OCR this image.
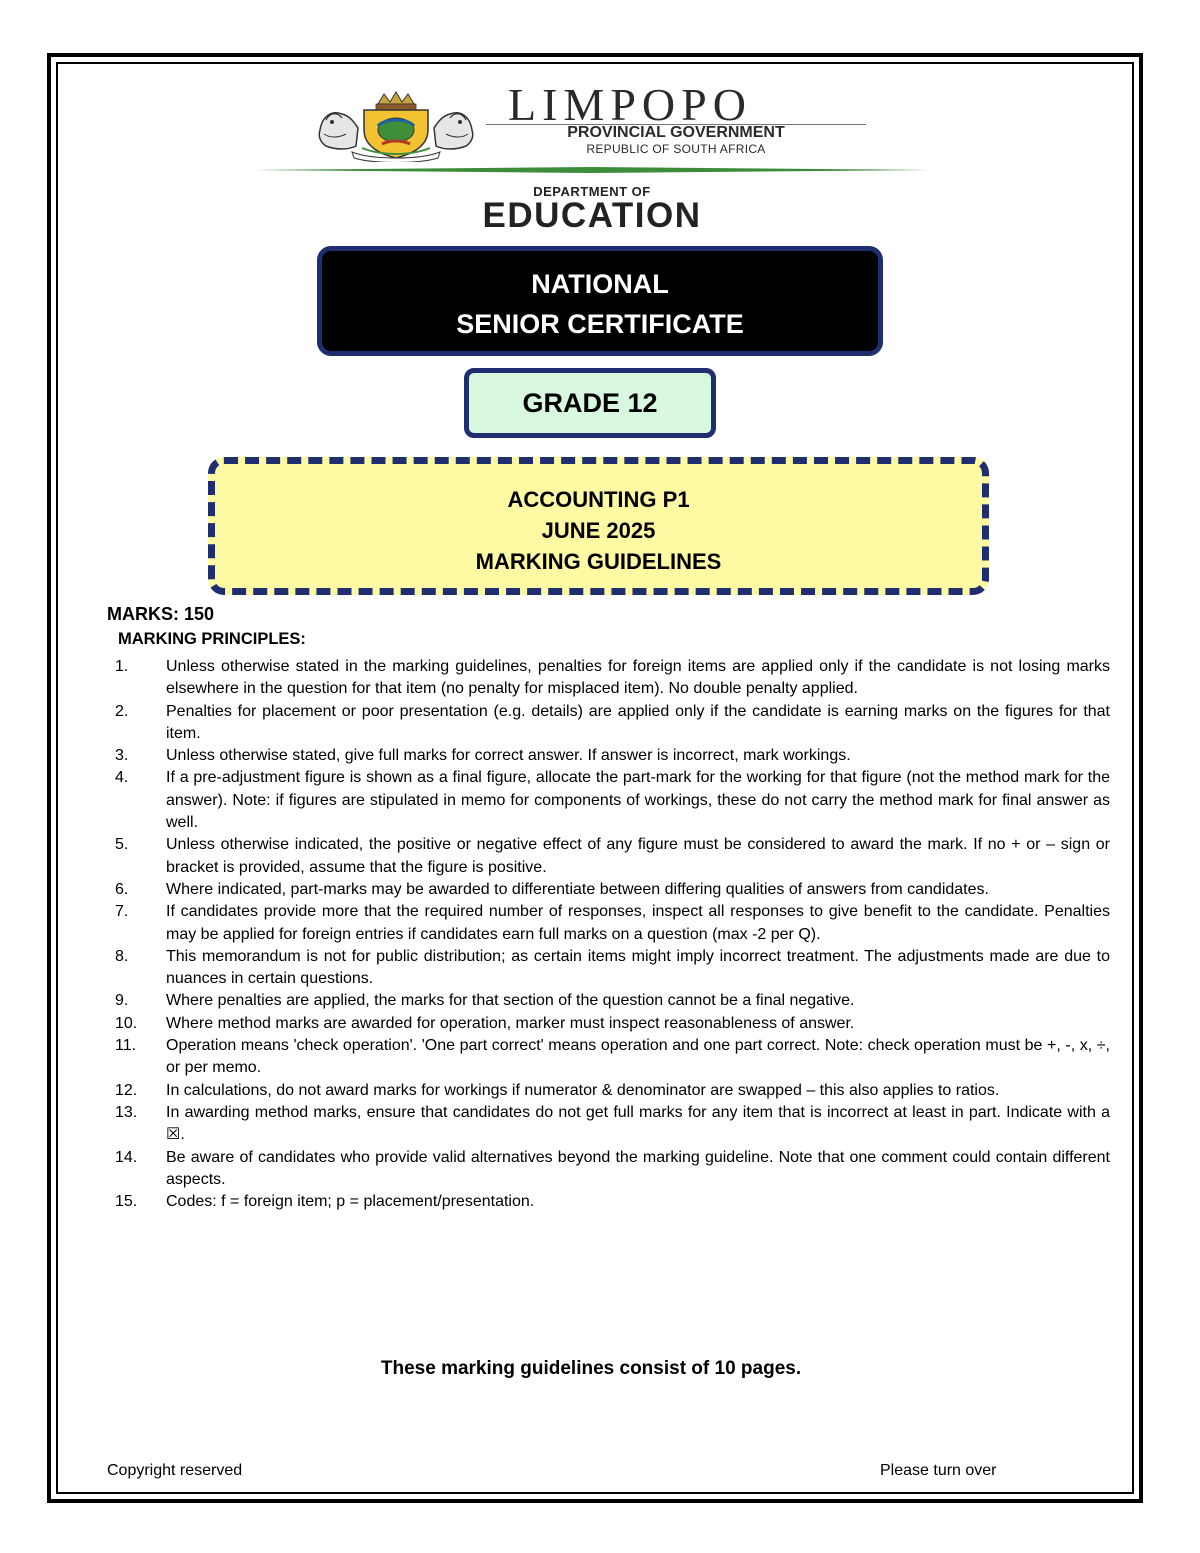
LIMPOPO
PROVINCIAL GOVERNMENT
REPUBLIC OF SOUTH AFRICA
DEPARTMENT OF
EDUCATION
NATIONAL
SENIOR CERTIFICATE
GRADE 12
ACCOUNTING P1
JUNE 2025
MARKING GUIDELINES
MARKS: 150
MARKING PRINCIPLES:
1. Unless otherwise stated in the marking guidelines, penalties for foreign items are applied only if the candidate is not losing marks elsewhere in the question for that item (no penalty for misplaced item). No double penalty applied.
2. Penalties for placement or poor presentation (e.g. details) are applied only if the candidate is earning marks on the figures for that item.
3. Unless otherwise stated, give full marks for correct answer. If answer is incorrect, mark workings.
4. If a pre-adjustment figure is shown as a final figure, allocate the part-mark for the working for that figure (not the method mark for the answer). Note: if figures are stipulated in memo for components of workings, these do not carry the method mark for final answer as well.
5. Unless otherwise indicated, the positive or negative effect of any figure must be considered to award the mark. If no + or – sign or bracket is provided, assume that the figure is positive.
6. Where indicated, part-marks may be awarded to differentiate between differing qualities of answers from candidates.
7. If candidates provide more that the required number of responses, inspect all responses to give benefit to the candidate. Penalties may be applied for foreign entries if candidates earn full marks on a question (max -2 per Q).
8. This memorandum is not for public distribution; as certain items might imply incorrect treatment. The adjustments made are due to nuances in certain questions.
9. Where penalties are applied, the marks for that section of the question cannot be a final negative.
10. Where method marks are awarded for operation, marker must inspect reasonableness of answer.
11. Operation means 'check operation'. 'One part correct' means operation and one part correct. Note: check operation must be +, -, x, ÷, or per memo.
12. In calculations, do not award marks for workings if numerator & denominator are swapped – this also applies to ratios.
13. In awarding method marks, ensure that candidates do not get full marks for any item that is incorrect at least in part. Indicate with a ☒.
14. Be aware of candidates who provide valid alternatives beyond the marking guideline. Note that one comment could contain different aspects.
15. Codes: f = foreign item; p = placement/presentation.
These marking guidelines consist of 10 pages.
Copyright reserved	Please turn over
